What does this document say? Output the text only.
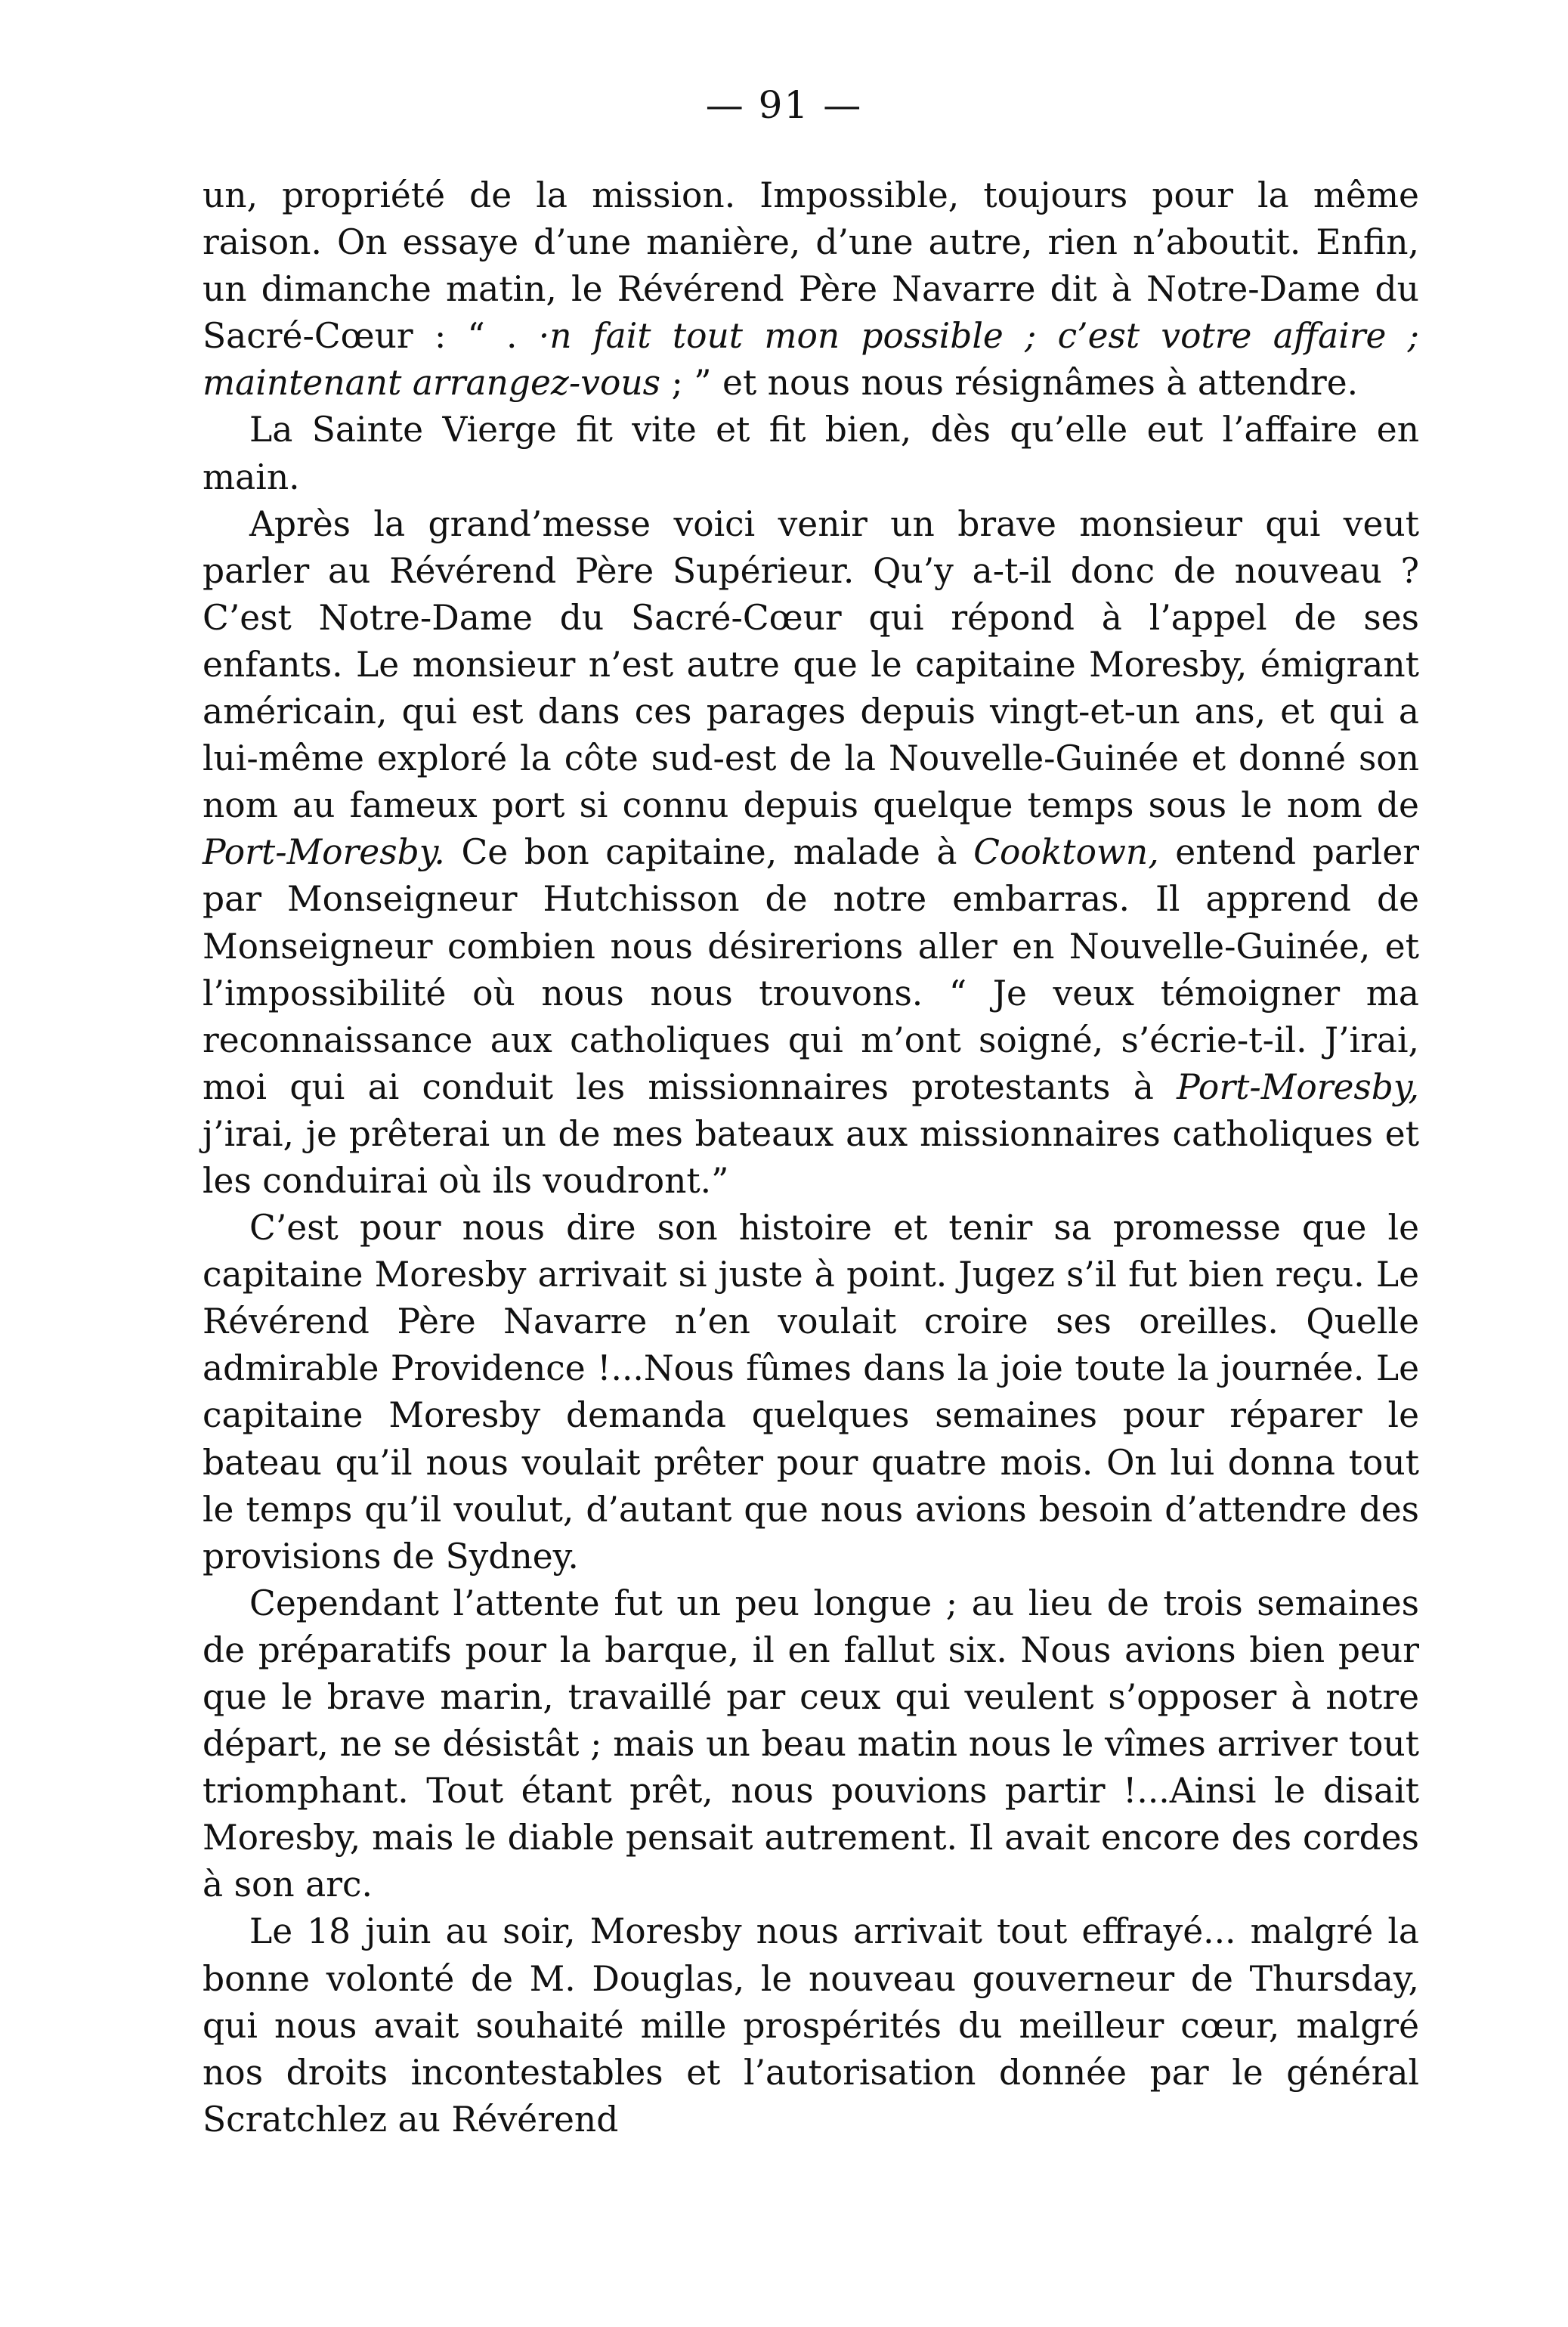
— 91 —

un, propriété de la mission. Impossible, toujours pour la même raison. On essaye d’une manière, d’une autre, rien n’aboutit. Enfin, un dimanche matin, le Révérend Père Navarre dit à Notre-Dame du Sacré-Cœur : “ . ·n fait tout mon possible ; c’est votre affaire ; maintenant arrangez-vous ; ” et nous nous résignâmes à attendre.

La Sainte Vierge fit vite et fit bien, dès qu’elle eut l’affaire en main.

Après la grand’messe voici venir un brave monsieur qui veut parler au Révérend Père Supérieur. Qu’y a-t-il donc de nouveau ? C’est Notre-Dame du Sacré-Cœur qui répond à l’appel de ses enfants. Le monsieur n’est autre que le capitaine Moresby, émigrant américain, qui est dans ces parages depuis vingt-et-un ans, et qui a lui-même exploré la côte sud-est de la Nouvelle-Guinée et donné son nom au fameux port si connu depuis quelque temps sous le nom de Port-Moresby. Ce bon capitaine, malade à Cooktown, entend parler par Monseigneur Hutchisson de notre embarras. Il apprend de Monseigneur combien nous désirerions aller en Nouvelle-Guinée, et l’impossibilité où nous nous trouvons. “ Je veux témoigner ma reconnaissance aux catholiques qui m’ont soigné, s’écrie-t-il. J’irai, moi qui ai conduit les missionnaires protestants à Port-Moresby, j’irai, je prêterai un de mes bateaux aux missionnaires catholiques et les conduirai où ils voudront.”

C’est pour nous dire son histoire et tenir sa promesse que le capitaine Moresby arrivait si juste à point. Jugez s’il fut bien reçu. Le Révérend Père Navarre n’en voulait croire ses oreilles. Quelle admirable Providence !...Nous fûmes dans la joie toute la journée. Le capitaine Moresby demanda quelques semaines pour réparer le bateau qu’il nous voulait prêter pour quatre mois. On lui donna tout le temps qu’il voulut, d’autant que nous avions besoin d’attendre des provisions de Sydney.

Cependant l’attente fut un peu longue ; au lieu de trois semaines de préparatifs pour la barque, il en fallut six. Nous avions bien peur que le brave marin, travaillé par ceux qui veulent s’opposer à notre départ, ne se désistât ; mais un beau matin nous le vîmes arriver tout triomphant. Tout étant prêt, nous pouvions partir !...Ainsi le disait Moresby, mais le diable pensait autrement. Il avait encore des cordes à son arc.

Le 18 juin au soir, Moresby nous arrivait tout effrayé... malgré la bonne volonté de M. Douglas, le nouveau gouverneur de Thursday, qui nous avait souhaité mille prospérités du meilleur cœur, malgré nos droits incontestables et l’autorisation donnée par le général Scratchlez au Révérend
